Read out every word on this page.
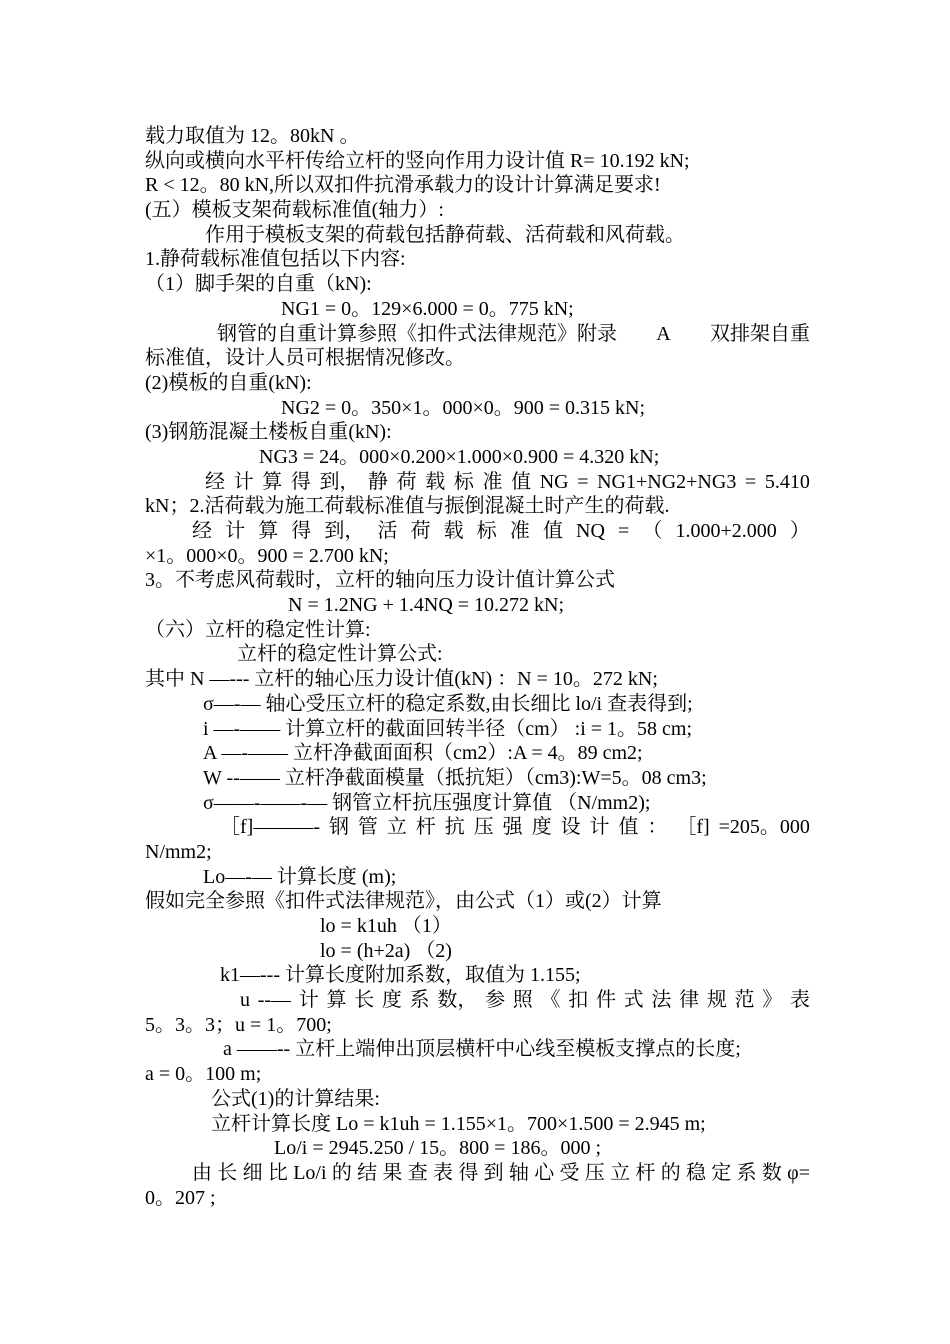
载力取值为 12。80kN 。
纵向或横向水平杆传给立杆的竖向作用力设计值 R= 10.192 kN;
R < 12。80 kN,所以双扣件抗滑承载力的设计计算满足要求!
(五）模板支架荷载标准值(轴力）:
作用于模板支架的荷载包括静荷载、活荷载和风荷载。
1.静荷载标准值包括以下内容:
（1）脚手架的自重（kN):
NG1 = 0。129×6.000 = 0。775 kN;
钢管的自重计算参照《扣件式法律规范》附录 A 双排架自重
标准值，设计人员可根据情况修改。
(2)模板的自重(kN):
NG2 = 0。350×1。000×0。900 = 0.315 kN;
(3)钢筋混凝土楼板自重(kN):
NG3 = 24。000×0.200×1.000×0.900 = 4.320 kN;
经 计 算 得 到， 静 荷 载 标 准 值 NG = NG1+NG2+NG3 = 5.410
kN；2.活荷载为施工荷载标准值与振倒混凝土时产生的荷载.
经 计 算 得 到， 活 荷 载 标 准 值 NQ = （ 1.000+2.000 ）
×1。000×0。900 = 2.700 kN;
3。不考虑风荷载时，立杆的轴向压力设计值计算公式
N = 1.2NG + 1.4NQ = 10.272 kN;
（六）立杆的稳定性计算:
立杆的稳定性计算公式:
其中 N —--- 立杆的轴心压力设计值(kN) ：N = 10。272 kN;
σ—-— 轴心受压立杆的稳定系数,由长细比 lo/i 查表得到;
i —-—— 计算立杆的截面回转半径（cm） :i = 1。58 cm;
A —-—— 立杆净截面面积（cm2）:A = 4。89 cm2;
W --—— 立杆净截面模量（抵抗矩）（cm3):W=5。08 cm3;
σ——-——-— 钢管立杆抗压强度计算值 （N/mm2);
［f]———- 钢 管 立 杆 抗 压 强 度 设 计 值 ： ［f] =205。000
N/mm2;
Lo—-— 计算长度 (m);
假如完全参照《扣件式法律规范》，由公式（1）或(2）计算
lo = k1uh （1）
lo = (h+2a) （2)
k1—--- 计算长度附加系数，取值为 1.155;
u --— 计 算 长 度 系 数， 参 照 《 扣 件 式 法 律 规 范 》 表
5。3。3；u = 1。700;
a ——-- 立杆上端伸出顶层横杆中心线至模板支撑点的长度;
a = 0。100 m;
公式(1)的计算结果:
立杆计算长度 Lo = k1uh = 1.155×1。700×1.500 = 2.945 m;
Lo/i = 2945.250 / 15。800 = 186。000 ;
由 长 细 比 Lo/i 的 结 果 查 表 得 到 轴 心 受 压 立 杆 的 稳 定 系 数 φ=
0。207 ;
